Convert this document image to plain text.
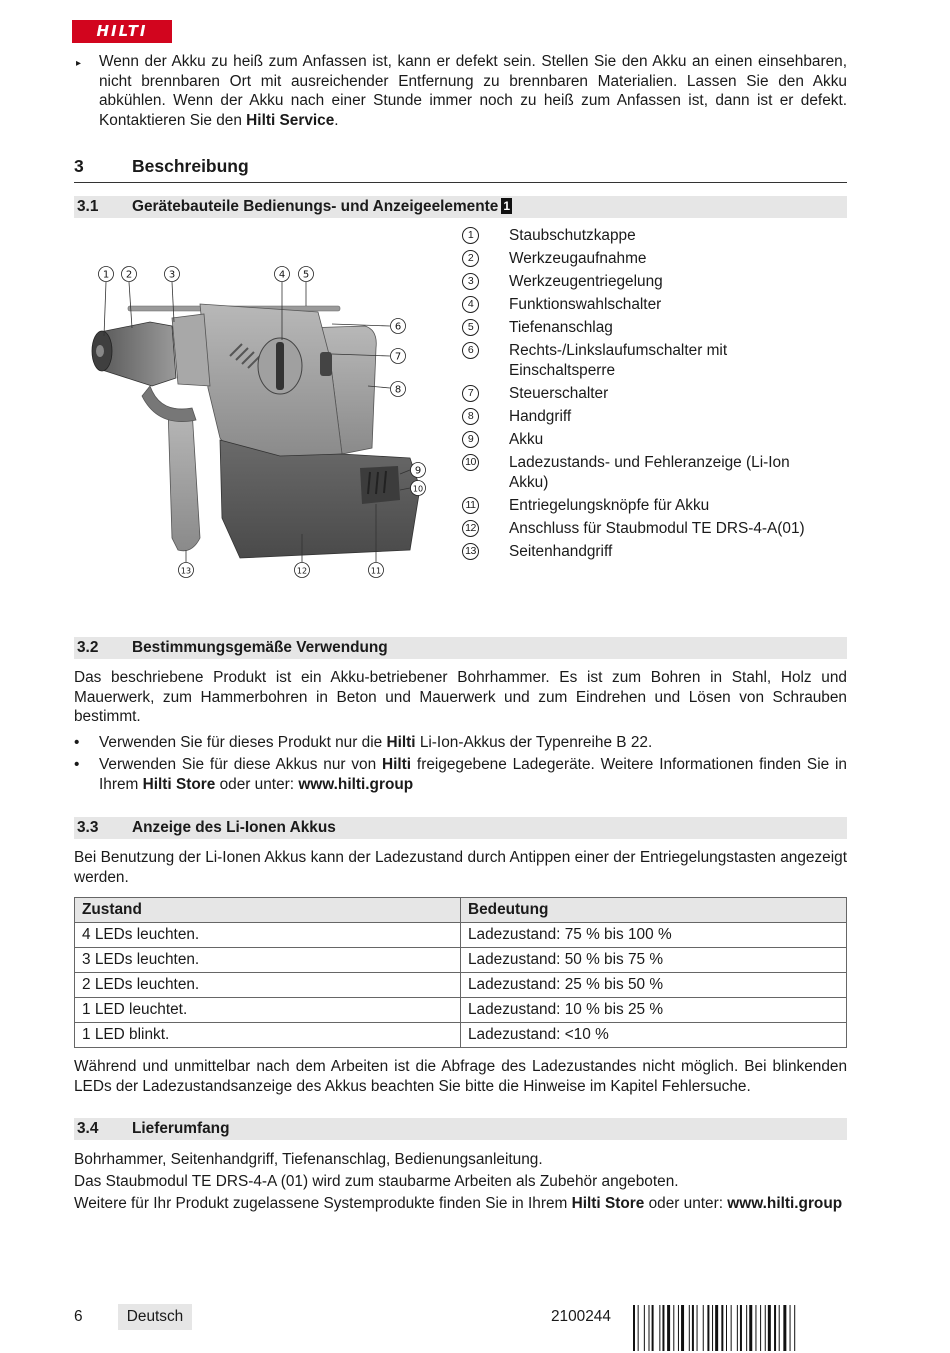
HILTI
▸ Wenn der Akku zu heiß zum Anfassen ist, kann er defekt sein. Stellen Sie den Akku an einen einsehbaren, nicht brennbaren Ort mit ausreichender Entfernung zu brennbaren Materialien. Lassen Sie den Akku abkühlen. Wenn der Akku nach einer Stunde immer noch zu heiß zum Anfassen ist, dann ist er defekt. Kontaktieren Sie den Hilti Service.

3	Beschreibung
3.1 Gerätebauteile Bedienungs- und Anzeigeelemente 1
1 2	3	4 5
6
7
8
9
10
11
12
13
1	Staubschutzkappe
2	Werkzeugaufnahme
3	Werkzeugentriegelung
4	Funktionswahlschalter
5	Tiefenanschlag
6	Rechts-/Linkslaufumschalter mit Einschaltsperre
7	Steuerschalter
8	Handgriff
9	Akku
10 Ladezustands- und Fehleranzeige (Li-Ion Akku)
11 Entriegelungsknöpfe für Akku
12 Anschluss für Staubmodul TE DRS-4-A(01)
13 Seitenhandgriff
3.2 Bestimmungsgemäße Verwendung

Das beschriebene Produkt ist ein Akku-betriebener Bohrhammer. Es ist zum Bohren in Stahl, Holz und Mauerwerk, zum Hammerbohren in Beton und Mauerwerk und zum Eindrehen und Lösen von Schrauben bestimmt.

• Verwenden Sie für dieses Produkt nur die Hilti Li-Ion-Akkus der Typenreihe B 22.
• Verwenden Sie für diese Akkus nur von Hilti freigegebene Ladegeräte. Weitere Informationen finden Sie in Ihrem Hilti Store oder unter: www.hilti.group
3.3 Anzeige des Li-Ionen Akkus

Bei Benutzung der Li-Ionen Akkus kann der Ladezustand durch Antippen einer der Entriegelungstasten angezeigt werden.

Zustand	Bedeutung
4 LEDs leuchten.	Ladezustand: 75 % bis 100 %
3 LEDs leuchten.	Ladezustand: 50 % bis 75 %
2 LEDs leuchten.	Ladezustand: 25 % bis 50 %
1 LED leuchtet.	Ladezustand: 10 % bis 25 %
1 LED blinkt.	Ladezustand: <10 %

Während und unmittelbar nach dem Arbeiten ist die Abfrage des Ladezustandes nicht möglich. Bei blinkenden LEDs der Ladezustandsanzeige des Akkus beachten Sie bitte die Hinweise im Kapitel Fehlersuche.

3.4 Lieferumfang

Bohrhammer, Seitenhandgriff, Tiefenanschlag, Bedienungsanleitung.

Das Staubmodul TE DRS-4-A (01) wird zum staubarme Arbeiten als Zubehör angeboten.

Weitere für Ihr Produkt zugelassene Systemprodukte finden Sie in Ihrem Hilti Store oder unter: www.hilti.group

6	Deutsch	2100244
